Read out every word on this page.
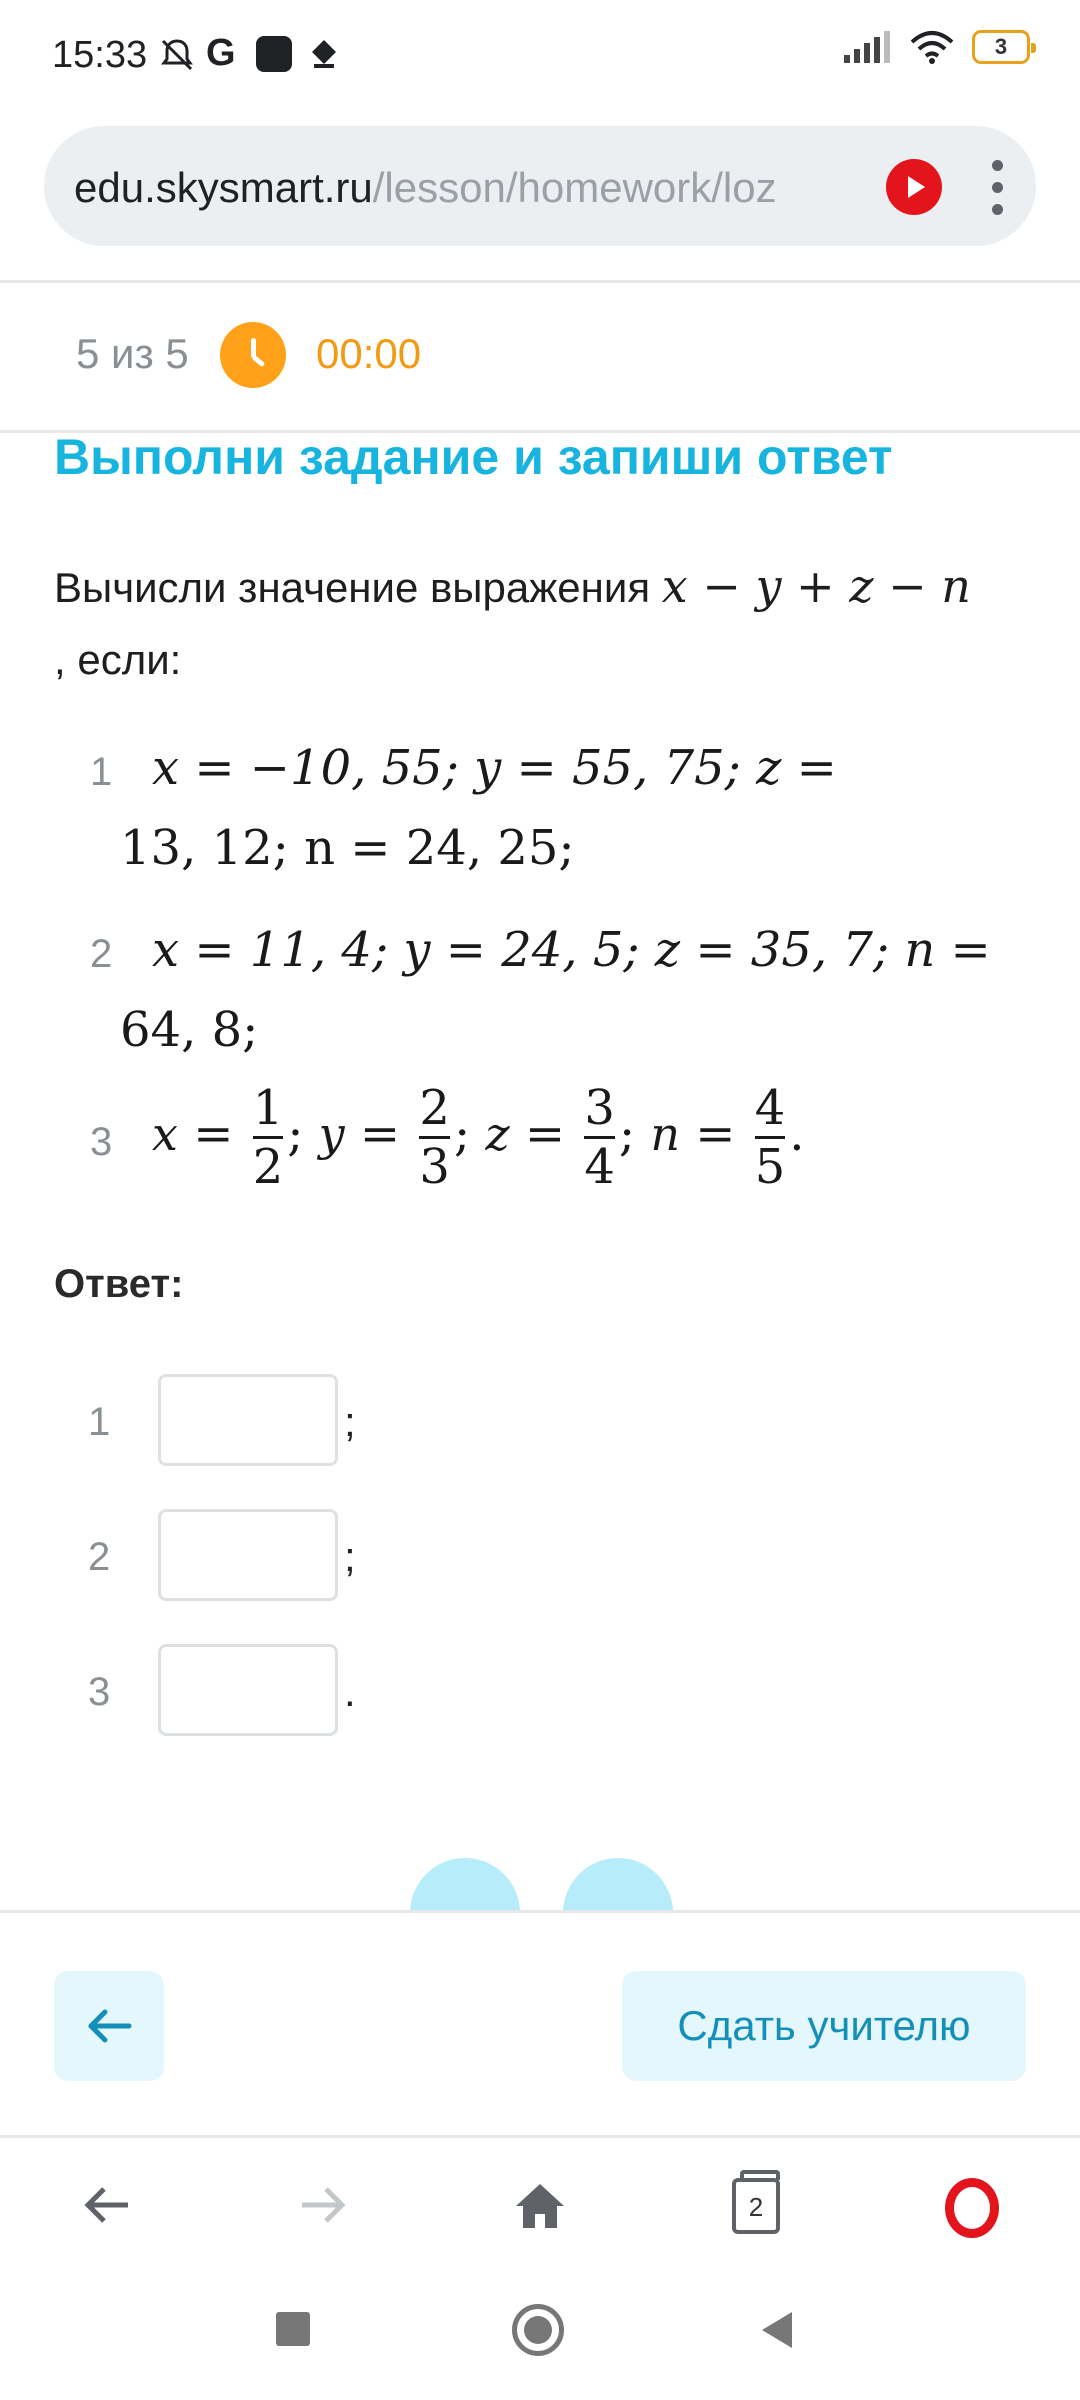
15:33 G	3
edu.skysmart.ru/lesson/homework/loz
5 из 5	00:00
Выполни задание и запиши ответ
Вычисли значение выражения x − y + z − n
, если:
1 x = −10, 55; y = 55, 75; z =
13, 12; n = 24, 25;
2 x = 11, 4; y = 24, 5; z = 35, 7; n =
64, 8;
3 $x = \frac{1}{2}$ ; $y = \frac{2}{3}$ ; $z = \frac{3}{4}$ ; $n = \frac{4}{5}$ .
Ответ:
1	;
2	;
3	.
Сдать учителю
2
